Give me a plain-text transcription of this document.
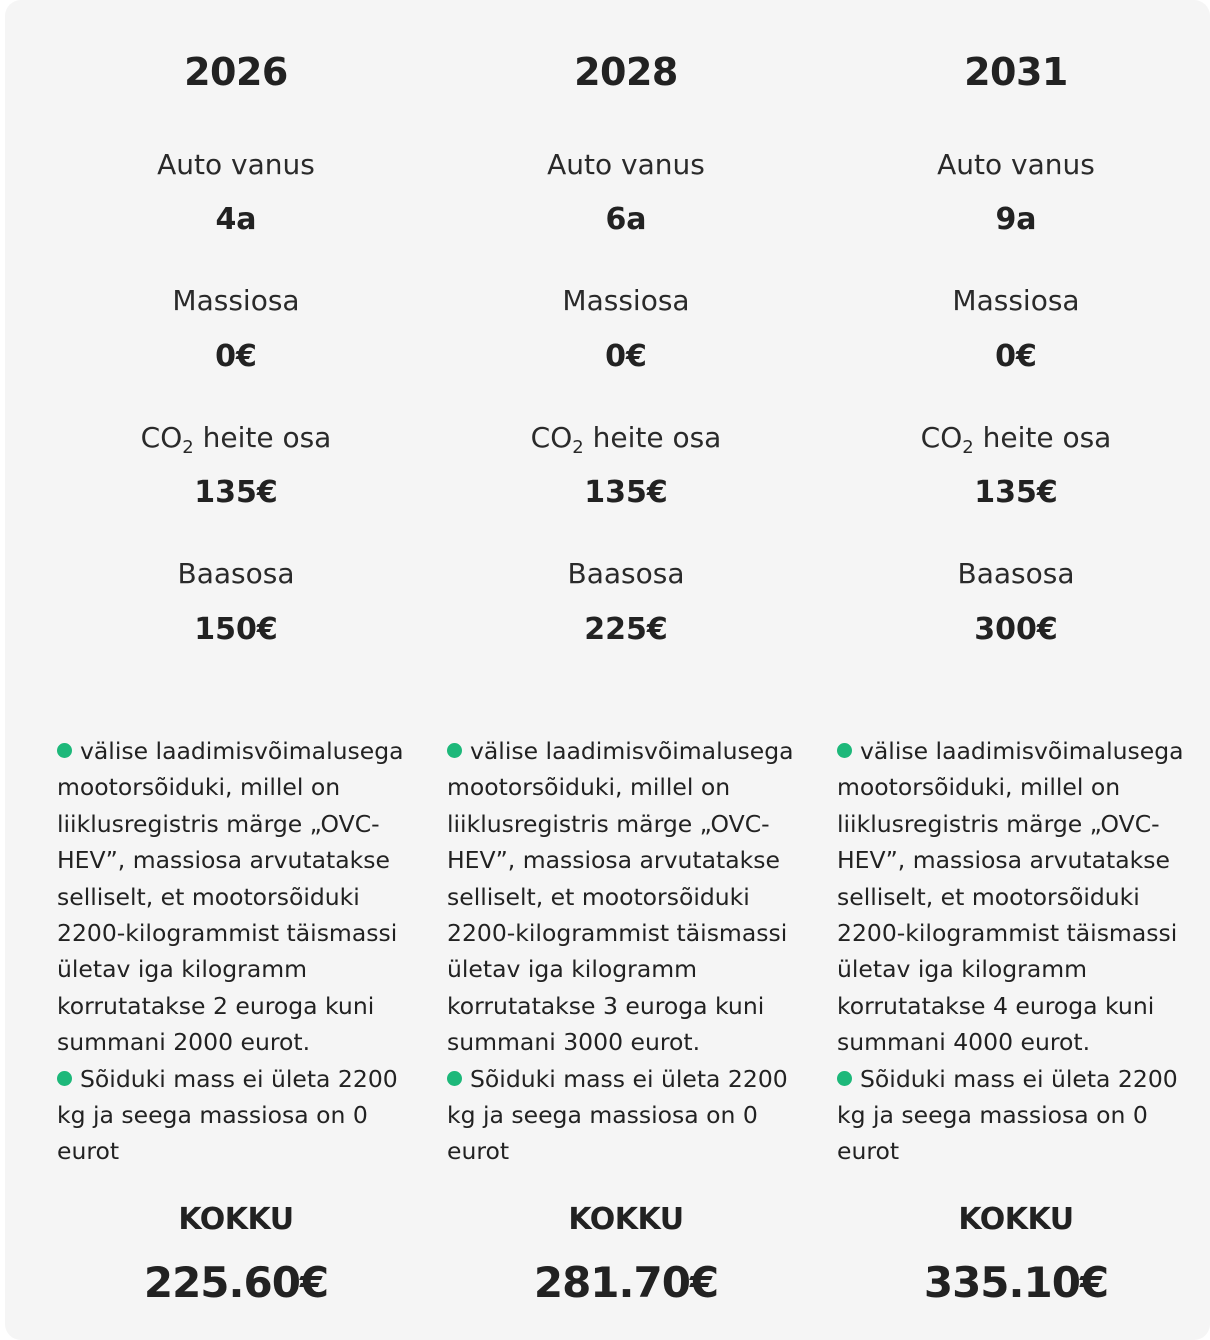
2026
Auto vanus
4a
Massiosa
0€
$CO_2$ heite osa
135€
Baasosa
150€
välise laadimisvõimalusega mootorsõiduki, millel on liiklusregistris märge „OVC-HEV”, massiosa arvutatakse selliselt, et mootorsõiduki 2200-kilogrammist täismassi ületav iga kilogramm korrutatakse 2 euroga kuni summani 2000 eurot.
Sõiduki mass ei ületa 2200 kg ja seega massiosa on 0 eurot
KOKKU
225.60€
2028
Auto vanus
6a
Massiosa
0€
$CO_2$ heite osa
135€
Baasosa
225€
välise laadimisvõimalusega mootorsõiduki, millel on liiklusregistris märge „OVC-HEV”, massiosa arvutatakse selliselt, et mootorsõiduki 2200-kilogrammist täismassi ületav iga kilogramm korrutatakse 3 euroga kuni summani 3000 eurot.
Sõiduki mass ei ületa 2200 kg ja seega massiosa on 0 eurot
KOKKU
281.70€
2031
Auto vanus
9a
Massiosa
0€
$CO_2$ heite osa
135€
Baasosa
300€
välise laadimisvõimalusega mootorsõiduki, millel on liiklusregistris märge „OVC-HEV”, massiosa arvutatakse selliselt, et mootorsõiduki 2200-kilogrammist täismassi ületav iga kilogramm korrutatakse 4 euroga kuni summani 4000 eurot.
Sõiduki mass ei ületa 2200 kg ja seega massiosa on 0 eurot
KOKKU
335.10€
